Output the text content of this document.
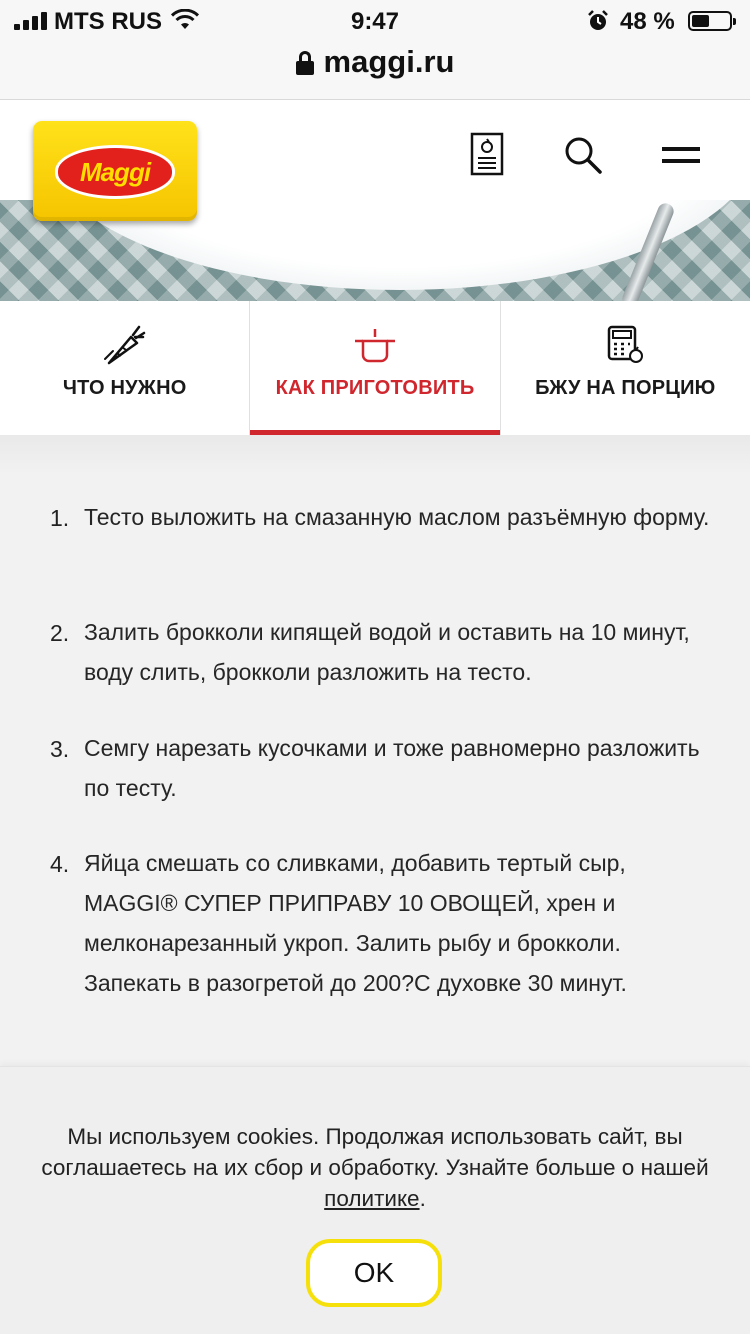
MTS RUS	9:47	48 %
maggi.ru
Maggi
ЧТО НУЖНО	КАК ПРИГОТОВИТЬ	БЖУ НА ПОРЦИЮ
1. Тесто выложить на смазанную маслом разъёмную форму.
2. Залить брокколи кипящей водой и оставить на 10 минут, воду слить, брокколи разложить на тесто.
3. Семгу нарезать кусочками и тоже равномерно разложить по тесту.
4. Яйца смешать со сливками, добавить тертый сыр, MAGGI® СУПЕР ПРИПРАВУ 10 ОВОЩЕЙ, хрен и мелконарезанный укроп. Залить рыбу и брокколи. Запекать в разогретой до 200?С духовке 30 минут.
Мы используем cookies. Продолжая использовать сайт, вы соглашаетесь на их сбор и обработку. Узнайте больше о нашей политике.
OK
